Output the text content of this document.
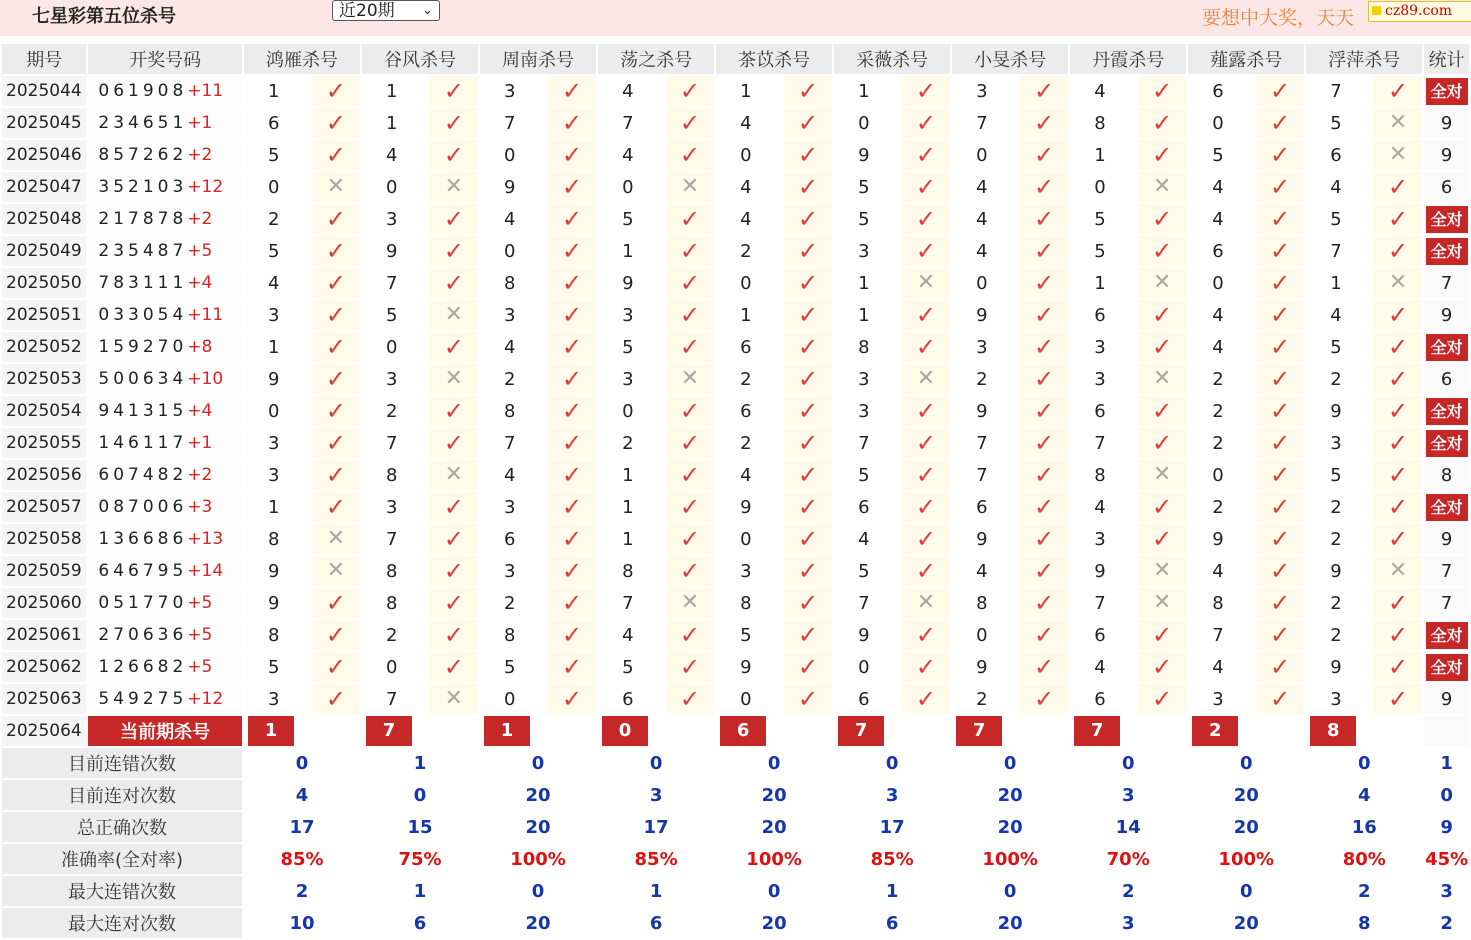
七星彩第五位杀号	近20期 ⌄	要想中大奖，天天	cz89.com
期号	开奖号码	鸿雁杀号		谷风杀号		周南杀号		荡之杀号		茶苡杀号		采薇杀号		小旻杀号		丹霞杀号		薤露杀号		浮萍杀号		统计
2025044	061908+11	1	✓	1	✓	3	✓	4	✓	1	✓	1	✓	3	✓	4	✓	6	✓	7	✓	全对
2025045	234651+1	6	✓	1	✓	7	✓	7	✓	4	✓	0	✓	7	✓	8	✓	0	✓	5	✕	9
2025046	857262+2	5	✓	4	✓	0	✓	4	✓	0	✓	9	✓	0	✓	1	✓	5	✓	6	✕	9
2025047	352103+12	0	✕	0	✕	9	✓	0	✕	4	✓	5	✓	4	✓	0	✕	4	✓	4	✓	6
2025048	217878+2	2	✓	3	✓	4	✓	5	✓	4	✓	5	✓	4	✓	5	✓	4	✓	5	✓	全对
2025049	235487+5	5	✓	9	✓	0	✓	1	✓	2	✓	3	✓	4	✓	5	✓	6	✓	7	✓	全对
2025050	783111+4	4	✓	7	✓	8	✓	9	✓	0	✓	1	✕	0	✓	1	✕	0	✓	1	✕	7
2025051	033054+11	3	✓	5	✕	3	✓	3	✓	1	✓	1	✓	9	✓	6	✓	4	✓	4	✓	9
2025052	159270+8	1	✓	0	✓	4	✓	5	✓	6	✓	8	✓	3	✓	3	✓	4	✓	5	✓	全对
2025053	500634+10	9	✓	3	✕	2	✓	3	✕	2	✓	3	✕	2	✓	3	✕	2	✓	2	✓	6
2025054	941315+4	0	✓	2	✓	8	✓	0	✓	6	✓	3	✓	9	✓	6	✓	2	✓	9	✓	全对
2025055	146117+1	3	✓	7	✓	7	✓	2	✓	2	✓	7	✓	7	✓	7	✓	2	✓	3	✓	全对
2025056	607482+2	3	✓	8	✕	4	✓	1	✓	4	✓	5	✓	7	✓	8	✕	0	✓	5	✓	8
2025057	087006+3	1	✓	3	✓	3	✓	1	✓	9	✓	6	✓	6	✓	4	✓	2	✓	2	✓	全对
2025058	136686+13	8	✕	7	✓	6	✓	1	✓	0	✓	4	✓	9	✓	3	✓	9	✓	2	✓	9
2025059	646795+14	9	✕	8	✓	3	✓	8	✓	3	✓	5	✓	4	✓	9	✕	4	✓	9	✕	7
2025060	051770+5	9	✓	8	✓	2	✓	7	✕	8	✓	7	✕	8	✓	7	✕	8	✓	2	✓	7
2025061	270636+5	8	✓	2	✓	8	✓	4	✓	5	✓	9	✓	0	✓	6	✓	7	✓	2	✓	全对
2025062	126682+5	5	✓	0	✓	5	✓	5	✓	9	✓	0	✓	9	✓	4	✓	4	✓	9	✓	全对
2025063	549275+12	3	✓	7	✕	0	✓	6	✓	0	✓	6	✓	2	✓	6	✓	3	✓	3	✓	9
2025064	当前期杀号	1		7		1		0		6		7		7		7		2		8		

目前连错次数		0		1		0		0		0		0		0		0		0		0		1
目前连对次数		4		0		20		3		20		3		20		3		20		4		0
总正确次数		17		15		20		17		20		17		20		14		20		16		9
准确率(全对率)		85%		75%		100%		85%		100%		85%		100%		70%		100%		80%		45%
最大连错次数		2		1		0		1		0		1		0		2		0		2		3
最大连对次数		10		6		20		6		20		6		20		3		20		8		2
